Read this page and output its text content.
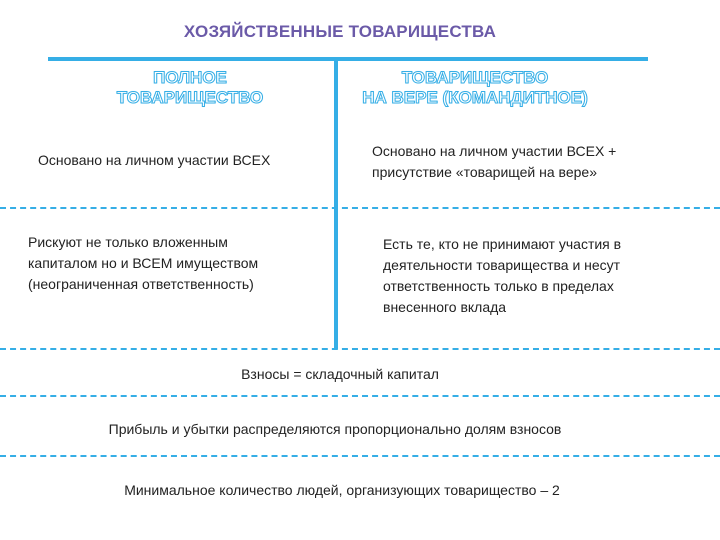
ХОЗЯЙСТВЕННЫЕ ТОВАРИЩЕСТВА
ПОЛНОЕ
ТОВАРИЩЕСТВО
ТОВАРИЩЕСТВО
НА ВЕРЕ (КОМАНДИТНОЕ)
Основано на личном участии ВСЕХ
Основано на личном участии ВСЕХ +
присутствие «товарищей на вере»
Рискуют не только вложенным
капиталом но и ВСЕМ имуществом
(неограниченная ответственность)
Есть те, кто не принимают участия в
деятельности товарищества и несут
ответственность только в пределах
внесенного вклада
Взносы = складочный капитал
Прибыль и убытки распределяются пропорционально долям взносов
Минимальное количество людей, организующих товарищество – 2
